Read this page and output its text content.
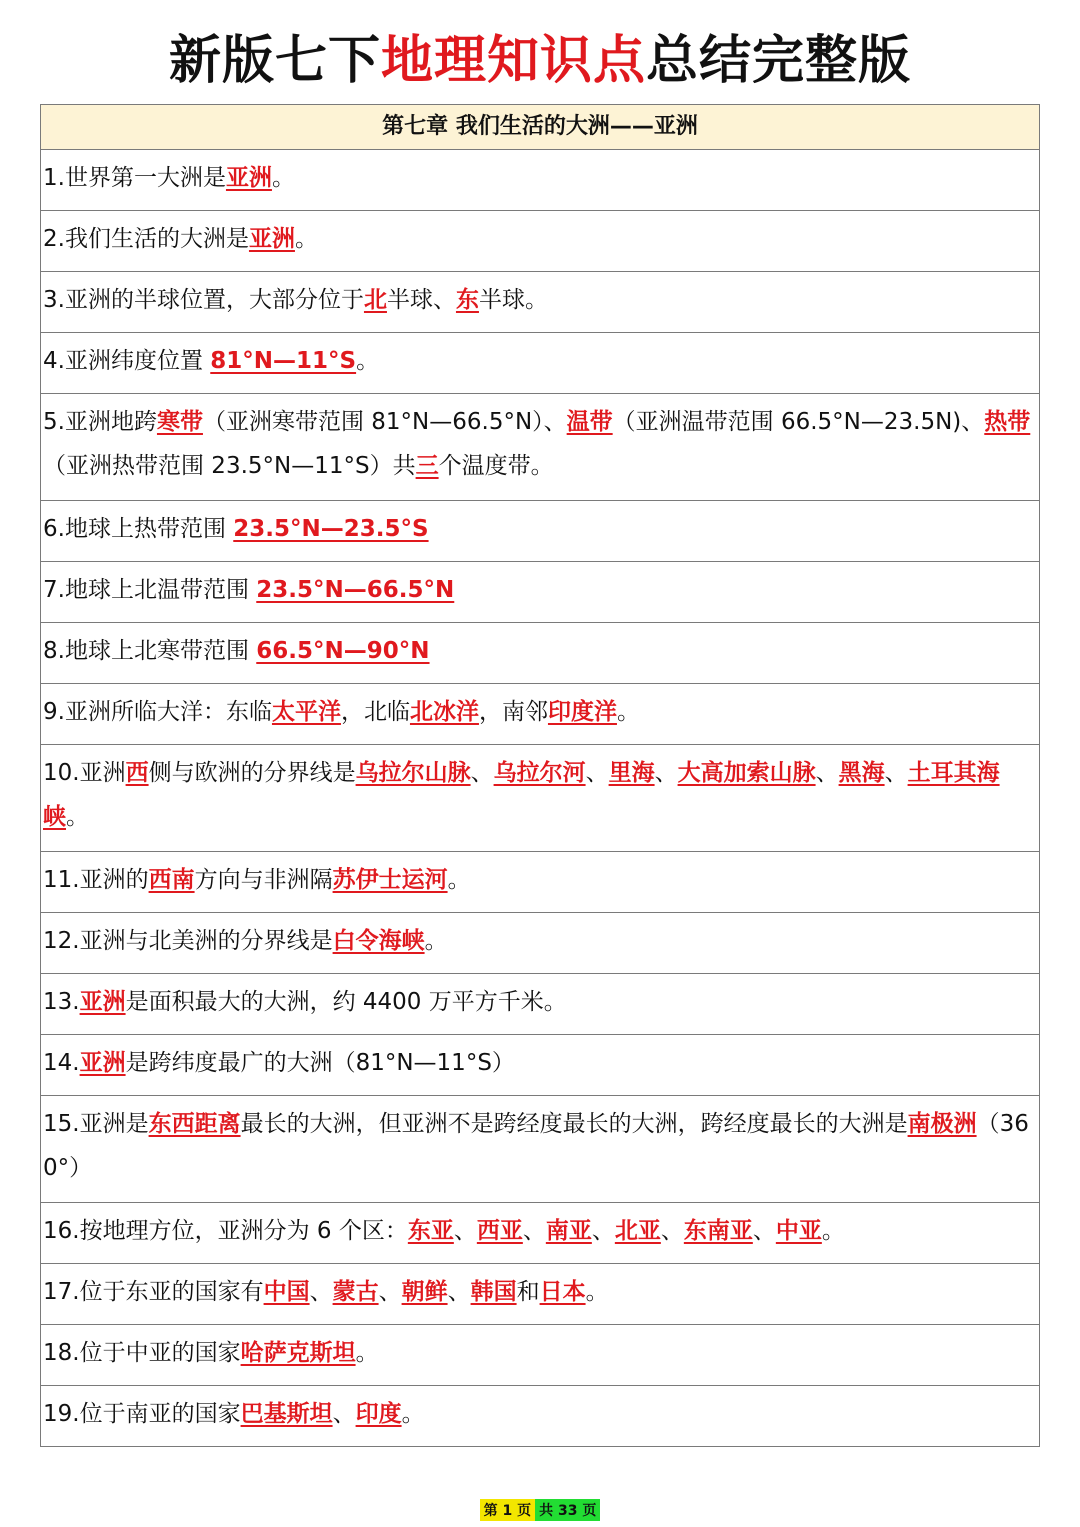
新版七下地理知识点总结完整版
第七章 我们生活的大洲——亚洲
1.世界第一大洲是亚洲。
2.我们生活的大洲是亚洲。
3.亚洲的半球位置，大部分位于北半球、东半球。
4.亚洲纬度位置 81°N—11°S。
5.亚洲地跨寒带（亚洲寒带范围 81°N—66.5°N）、温带（亚洲温带范围 66.5°N—23.5N)、热带（亚洲热带范围 23.5°N—11°S）共三个温度带。
6.地球上热带范围 23.5°N—23.5°S
7.地球上北温带范围 23.5°N—66.5°N
8.地球上北寒带范围 66.5°N—90°N
9.亚洲所临大洋：东临太平洋，北临北冰洋，南邻印度洋。
10.亚洲西侧与欧洲的分界线是乌拉尔山脉、乌拉尔河、里海、大高加索山脉、黑海、土耳其海峡。
11.亚洲的西南方向与非洲隔苏伊士运河。
12.亚洲与北美洲的分界线是白令海峡。
13.亚洲是面积最大的大洲，约 4400 万平方千米。
14.亚洲是跨纬度最广的大洲（81°N—11°S）
15.亚洲是东西距离最长的大洲，但亚洲不是跨经度最长的大洲，跨经度最长的大洲是南极洲（360°）
16.按地理方位，亚洲分为 6 个区：东亚、西亚、南亚、北亚、东南亚、中亚。
17.位于东亚的国家有中国、蒙古、朝鲜、韩国和日本。
18.位于中亚的国家哈萨克斯坦。
19.位于南亚的国家巴基斯坦、印度。
第 1 页 共 33 页
